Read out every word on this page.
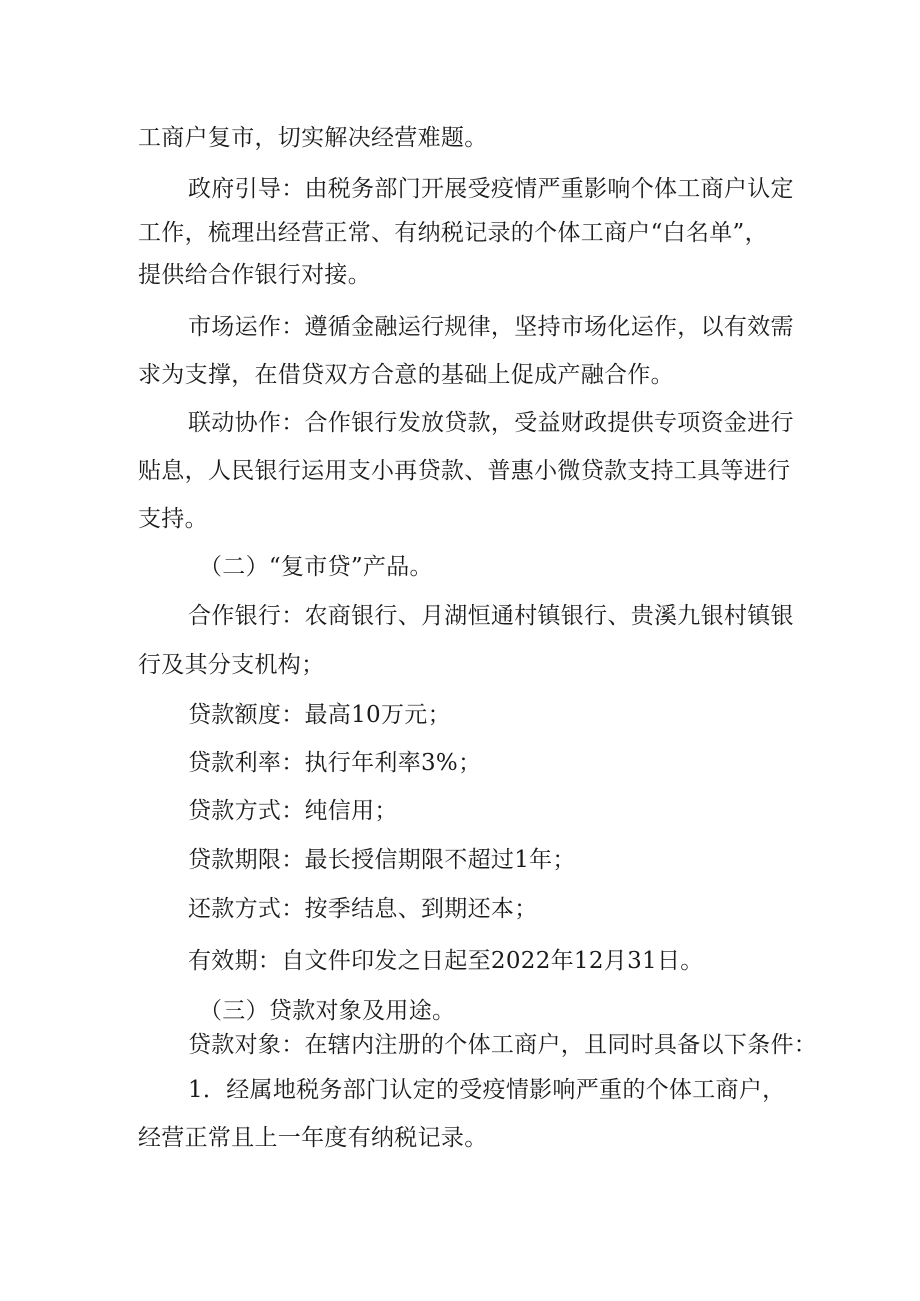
工商户复市，切实解决经营难题。

政府引导：由税务部门开展受疫情严重影响个体工商户认定

工作，梳理出经营正常、有纳税记录的个体工商户“白名单”，

提供给合作银行对接。

市场运作：遵循金融运行规律，坚持市场化运作，以有效需

求为支撑，在借贷双方合意的基础上促成产融合作。

联动协作：合作银行发放贷款，受益财政提供专项资金进行

贴息，人民银行运用支小再贷款、普惠小微贷款支持工具等进行

支持。

（二）“复市贷”产品。

合作银行：农商银行、月湖恒通村镇银行、贵溪九银村镇银

行及其分支机构；

贷款额度：最高10万元；

贷款利率：执行年利率3%；

贷款方式：纯信用；

贷款期限：最长授信期限不超过1年；

还款方式：按季结息、到期还本；

有效期：自文件印发之日起至2022年12月31日。

（三）贷款对象及用途。

贷款对象：在辖内注册的个体工商户，且同时具备以下条件：

1．经属地税务部门认定的受疫情影响严重的个体工商户，

经营正常且上一年度有纳税记录。
